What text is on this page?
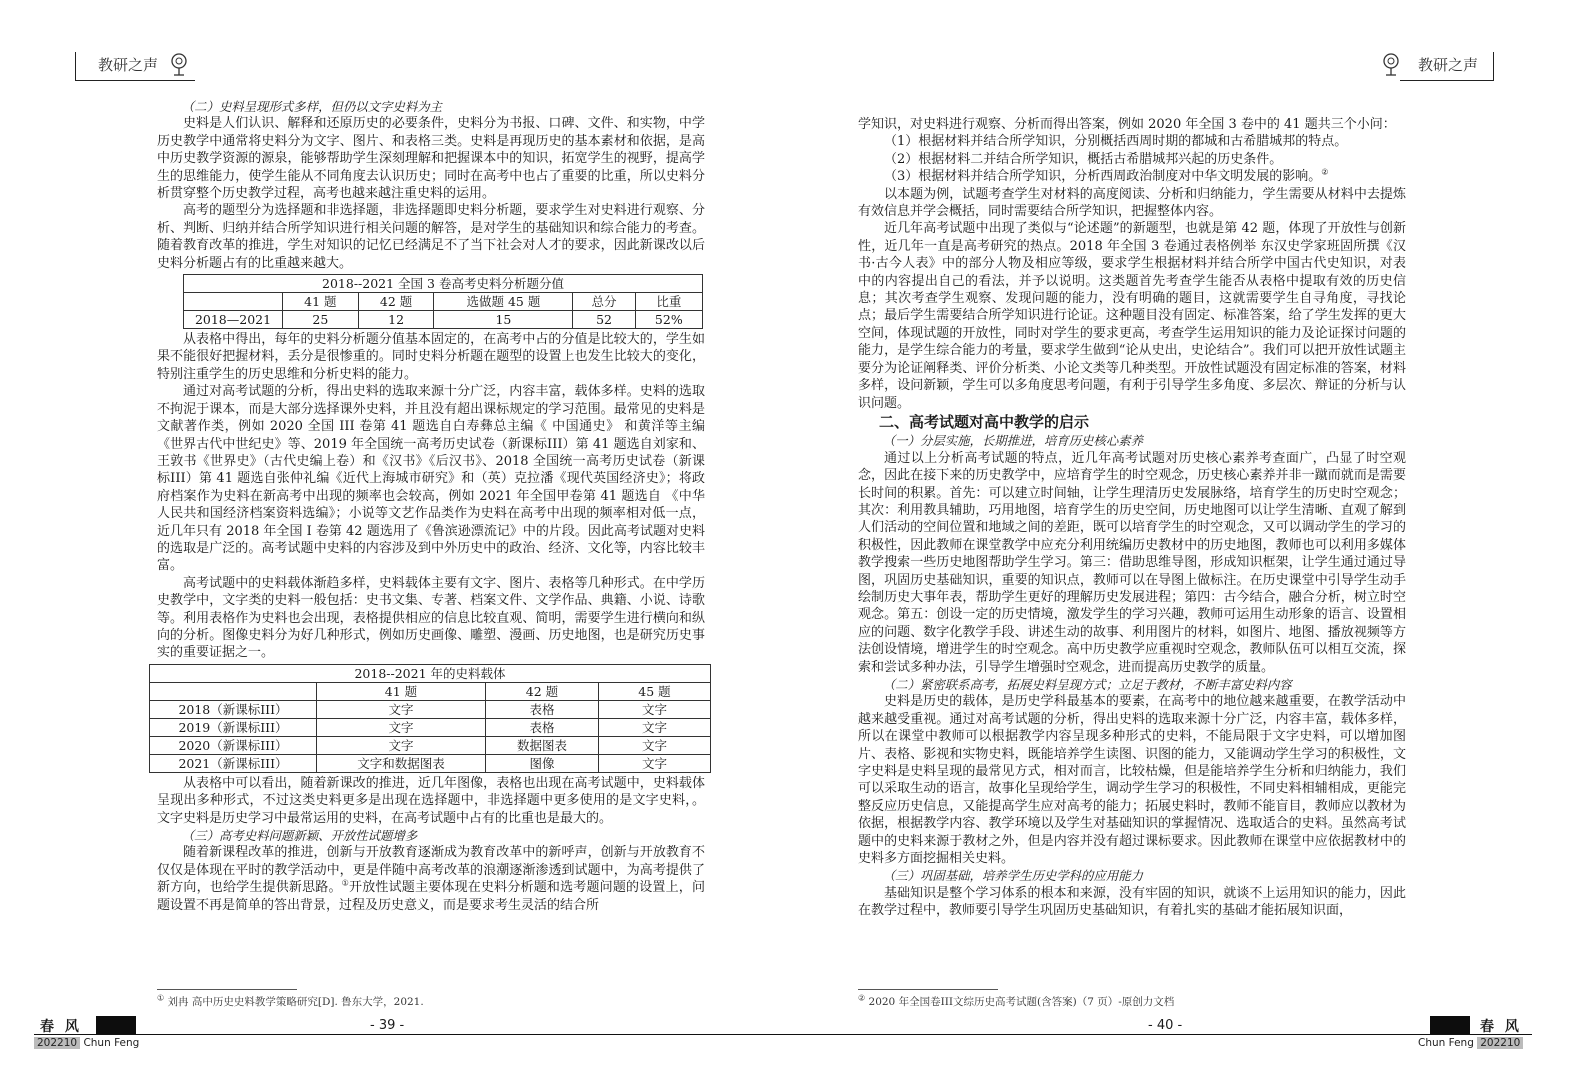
教研之声

（二）史料呈现形式多样，但仍以文字史料为主

史料是人们认识、解释和还原历史的必要条件，史料分为书报、口碑、文件、和实物，中学历史教学中通常将史料分为文字、图片、和表格三类。史料是再现历史的基本素材和依据，是高中历史教学资源的源泉，能够帮助学生深刻理解和把握课本中的知识，拓宽学生的视野，提高学生的思维能力，使学生能从不同角度去认识历史；同时在高考中也占了重要的比重，所以史料分析贯穿整个历史教学过程，高考也越来越注重史料的运用。

高考的题型分为选择题和非选择题，非选择题即史料分析题，要求学生对史料进行观察、分析、判断、归纳并结合所学知识进行相关问题的解答，是对学生的基础知识和综合能力的考查。随着教育改革的推进，学生对知识的记忆已经满足不了当下社会对人才的要求，因此新课改以后史料分析题占有的比重越来越大。

2018--2021 全国 3 卷高考史料分析题分值					
	41 题	42 题	选做题 45 题	总分	比重
2018—2021	25	12	15	52	52%

从表格中得出，每年的史料分析题分值基本固定的，在高考中占的分值是比较大的，学生如果不能很好把握材料，丢分是很惨重的。同时史料分析题在题型的设置上也发生比较大的变化，特别注重学生的历史思维和分析史料的能力。

通过对高考试题的分析，得出史料的选取来源十分广泛，内容丰富，载体多样。史料的选取不拘泥于课本，而是大部分选择课外史料，并且没有超出课标规定的学习范围。最常见的史料是文献著作类，例如 2020 全国 III 卷第 41 题选自白寿彝总主编《 中国通史》 和黄洋等主编《世界古代中世纪史》等、2019 年全国统一高考历史试卷（新课标III）第 41 题选自刘家和、王敦书《世界史》（古代史编上卷）和《汉书》《后汉书》、2018 全国统一高考历史试卷（新课标III）第 41 题选自张仲礼编《近代上海城市研究》和（英）克拉潘《现代英国经济史》；将政府档案作为史料在新高考中出现的频率也会较高，例如 2021 年全国甲卷第 41 题选自 《中华人民共和国经济档案资料选编》；小说等文艺作品类作为史料在高考中出现的频率相对低一点，近几年只有 2018 年全国 I 卷第 42 题选用了《鲁滨逊漂流记》中的片段。因此高考试题对史料的选取是广泛的。高考试题中史料的内容涉及到中外历史中的政治、经济、文化等，内容比较丰富。

高考试题中的史料载体渐趋多样，史料载体主要有文字、图片、表格等几种形式。在中学历史教学中，文字类的史料一般包括：史书文集、专著、档案文件、文学作品、典籍、小说、诗歌等。利用表格作为史料也会出现，表格提供相应的信息比较直观、简明，需要学生进行横向和纵向的分析。图像史料分为好几种形式，例如历史画像、雕塑、漫画、历史地图，也是研究历史事实的重要证据之一。

2018--2021 年的史料载体			
	41 题	42 题	45 题
2018（新课标III）	文字	表格	文字
2019（新课标III）	文字	表格	文字
2020（新课标III）	文字	数据图表	文字
2021（新课标III）	文字和数据图表	图像	文字

从表格中可以看出，随着新课改的推进，近几年图像，表格也出现在高考试题中，史料载体呈现出多种形式，不过这类史料更多是出现在选择题中，非选择题中更多使用的是文字史料，。文字史料是历史学习中最常运用的史料，在高考试题中占有的比重也是最大的。

（三）高考史料问题新颖、开放性试题增多

随着新课程改革的推进，创新与开放教育逐渐成为教育改革中的新呼声，创新与开放教育不仅仅是体现在平时的教学活动中，更是伴随中高考改革的浪潮逐渐渗透到试题中，为高考提供了新方向，也给学生提供新思路。①开放性试题主要体现在史料分析题和选考题问题的设置上，问题设置不再是简单的答出背景，过程及历史意义，而是要求考生灵活的结合所

① 刘冉 高中历史史料教学策略研究[D]. 鲁东大学，2021.
春 风
202210 Chun Feng
- 39 -
教研之声

学知识，对史料进行观察、分析而得出答案，例如 2020 年全国 3 卷中的 41 题共三个小问：

（1）根据材料并结合所学知识，分别概括西周时期的都城和古希腊城邦的特点。

（2）根据材料二并结合所学知识，概括古希腊城邦兴起的历史条件。

（3）根据材料并结合所学知识，分析西周政治制度对中华文明发展的影响。②

以本题为例，试题考查学生对材料的高度阅读、分析和归纳能力，学生需要从材料中去提炼有效信息并学会概括，同时需要结合所学知识，把握整体内容。

近几年高考试题中出现了类似与“论述题”的新题型，也就是第 42 题，体现了开放性与创新性，近几年一直是高考研究的热点。2018 年全国 3 卷通过表格例举 东汉史学家班固所撰《汉书·古今人表》中的部分人物及相应等级，要求学生根据材料并结合所学中国古代史知识，对表中的内容提出自己的看法，并予以说明。这类题首先考查学生能否从表格中提取有效的历史信息；其次考查学生观察、发现问题的能力，没有明确的题目，这就需要学生自寻角度，寻找论点；最后学生需要结合所学知识进行论证。这种题目没有固定、标准答案，给了学生发挥的更大空间，体现试题的开放性，同时对学生的要求更高，考查学生运用知识的能力及论证探讨问题的能力，是学生综合能力的考量，要求学生做到“论从史出，史论结合”。我们可以把开放性试题主要分为论证阐释类、评价分析类、小论文类等几种类型。开放性试题没有固定标准的答案，材料多样，设问新颖，学生可以多角度思考问题，有利于引导学生多角度、多层次、辩证的分析与认识问题。

二、高考试题对高中教学的启示

（一）分层实施，长期推进，培育历史核心素养

通过以上分析高考试题的特点，近几年高考试题对历史核心素养考查面广，凸显了时空观念，因此在接下来的历史教学中，应培育学生的时空观念，历史核心素养并非一蹴而就而是需要长时间的积累。首先：可以建立时间轴，让学生理清历史发展脉络，培育学生的历史时空观念；其次：利用教具辅助，巧用地图，培育学生的历史空间，历史地图可以让学生清晰、直观了解到人们活动的空间位置和地域之间的差距，既可以培育学生的时空观念，又可以调动学生的学习的积极性，因此教师在课堂教学中应充分利用统编历史教材中的历史地图，教师也可以利用多媒体教学搜索一些历史地图帮助学生学习。第三：借助思维导图，形成知识框架，让学生通过通过导图，巩固历史基础知识，重要的知识点，教师可以在导图上做标注。在历史课堂中引导学生动手绘制历史大事年表，帮助学生更好的理解历史发展进程；第四：古今结合，融合分析，树立时空观念。第五：创设一定的历史情境，激发学生的学习兴趣，教师可运用生动形象的语言、设置相应的问题、数字化教学手段、讲述生动的故事、利用图片的材料，如图片、地图、播放视频等方法创设情境，增进学生的时空观念。高中历史教学应重视时空观念，教师队伍可以相互交流，探索和尝试多种办法，引导学生增强时空观念，进而提高历史教学的质量。

（二）紧密联系高考，拓展史料呈现方式；立足于教材，不断丰富史料内容

史料是历史的载体，是历史学科最基本的要素，在高考中的地位越来越重要，在教学活动中越来越受重视。通过对高考试题的分析，得出史料的选取来源十分广泛，内容丰富，载体多样，所以在课堂中教师可以根据教学内容呈现多种形式的史料，不能局限于文字史料，可以增加图片、表格、影视和实物史料，既能培养学生读图、识图的能力，又能调动学生学习的积极性，文字史料是史料呈现的最常见方式，相对而言，比较枯燥，但是能培养学生分析和归纳能力，我们可以采取生动的语言，故事化呈现给学生，调动学生学习的积极性，不同史料相辅相成，更能完整反应历史信息，又能提高学生应对高考的能力；拓展史料时，教师不能盲目，教师应以教材为依据，根据教学内容、教学环境以及学生对基础知识的掌握情况、选取适合的史料。虽然高考试题中的史料来源于教材之外，但是内容并没有超过课标要求。因此教师在课堂中应依据教材中的史料多方面挖掘相关史料。

（三）巩固基础，培养学生历史学科的应用能力

基础知识是整个学习体系的根本和来源，没有牢固的知识，就谈不上运用知识的能力，因此在教学过程中，教师要引导学生巩固历史基础知识，有着扎实的基础才能拓展知识面，

② 2020 年全国卷III文综历史高考试题(含答案)（7 页）-原创力文档
春 风
Chun Feng 202210
- 40 -
